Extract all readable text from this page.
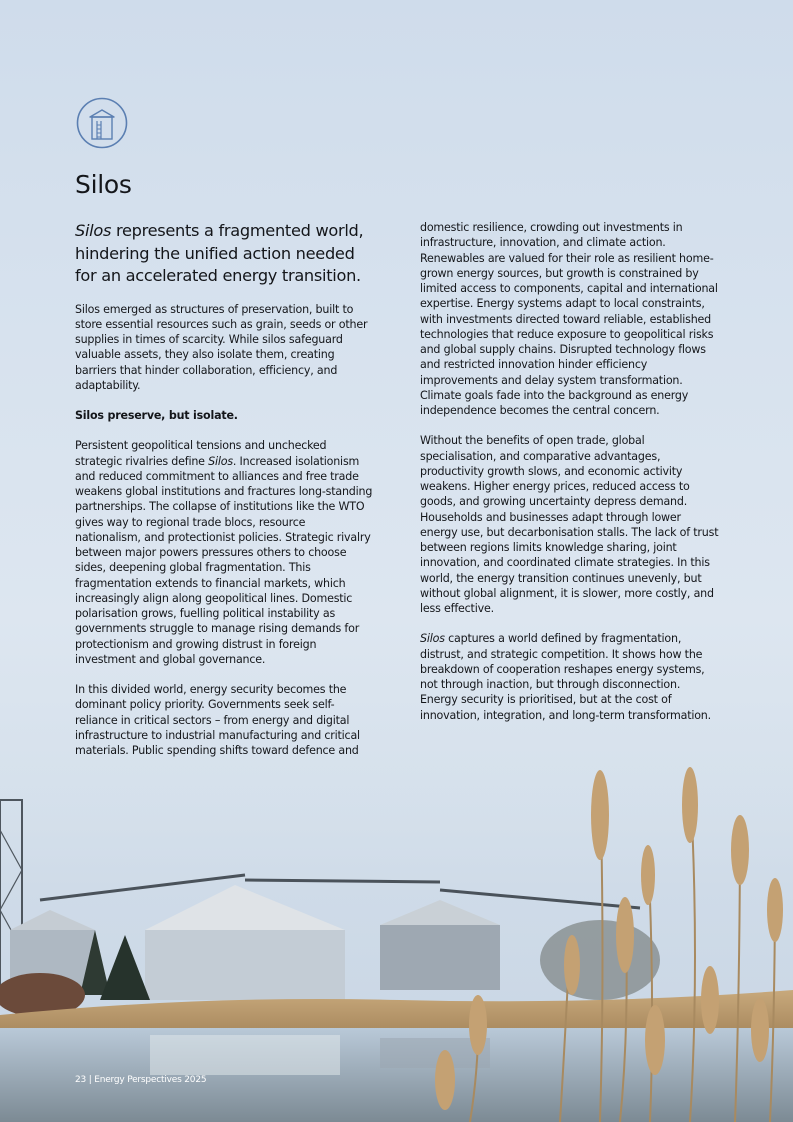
Silos

Silos represents a fragmented world, hindering the unified action needed for an accelerated energy transition.

Silos emerged as structures of preservation, built to store essential resources such as grain, seeds or other supplies in times of scarcity. While silos safeguard valuable assets, they also isolate them, creating barriers that hinder collaboration, efficiency, and adaptability.

Silos preserve, but isolate.

Persistent geopolitical tensions and unchecked strategic rivalries define Silos. Increased isolationism and reduced commitment to alliances and free trade weakens global institutions and fractures long-standing partnerships. The collapse of institutions like the WTO gives way to regional trade blocs, resource nationalism, and protectionist policies. Strategic rivalry between major powers pressures others to choose sides, deepening global fragmentation. This fragmentation extends to financial markets, which increasingly align along geopolitical lines. Domestic polarisation grows, fuelling political instability as governments struggle to manage rising demands for protectionism and growing distrust in foreign investment and global governance.

In this divided world, energy security becomes the dominant policy priority. Governments seek self-reliance in critical sectors – from energy and digital infrastructure to industrial manufacturing and critical materials. Public spending shifts toward defence and

domestic resilience, crowding out investments in infrastructure, innovation, and climate action. Renewables are valued for their role as resilient home-grown energy sources, but growth is constrained by limited access to components, capital and international expertise. Energy systems adapt to local constraints, with investments directed toward reliable, established technologies that reduce exposure to geopolitical risks and global supply chains. Disrupted technology flows and restricted innovation hinder efficiency improvements and delay system transformation. Climate goals fade into the background as energy independence becomes the central concern.

Without the benefits of open trade, global specialisation, and comparative advantages, productivity growth slows, and economic activity weakens. Higher energy prices, reduced access to goods, and growing uncertainty depress demand. Households and businesses adapt through lower energy use, but decarbonisation stalls. The lack of trust between regions limits knowledge sharing, joint innovation, and coordinated climate strategies. In this world, the energy transition continues unevenly, but without global alignment, it is slower, more costly, and less effective.

Silos captures a world defined by fragmentation, distrust, and strategic competition. It shows how the breakdown of cooperation reshapes energy systems, not through inaction, but through disconnection. Energy security is prioritised, but at the cost of innovation, integration, and long-term transformation.

23 | Energy Perspectives 2025
